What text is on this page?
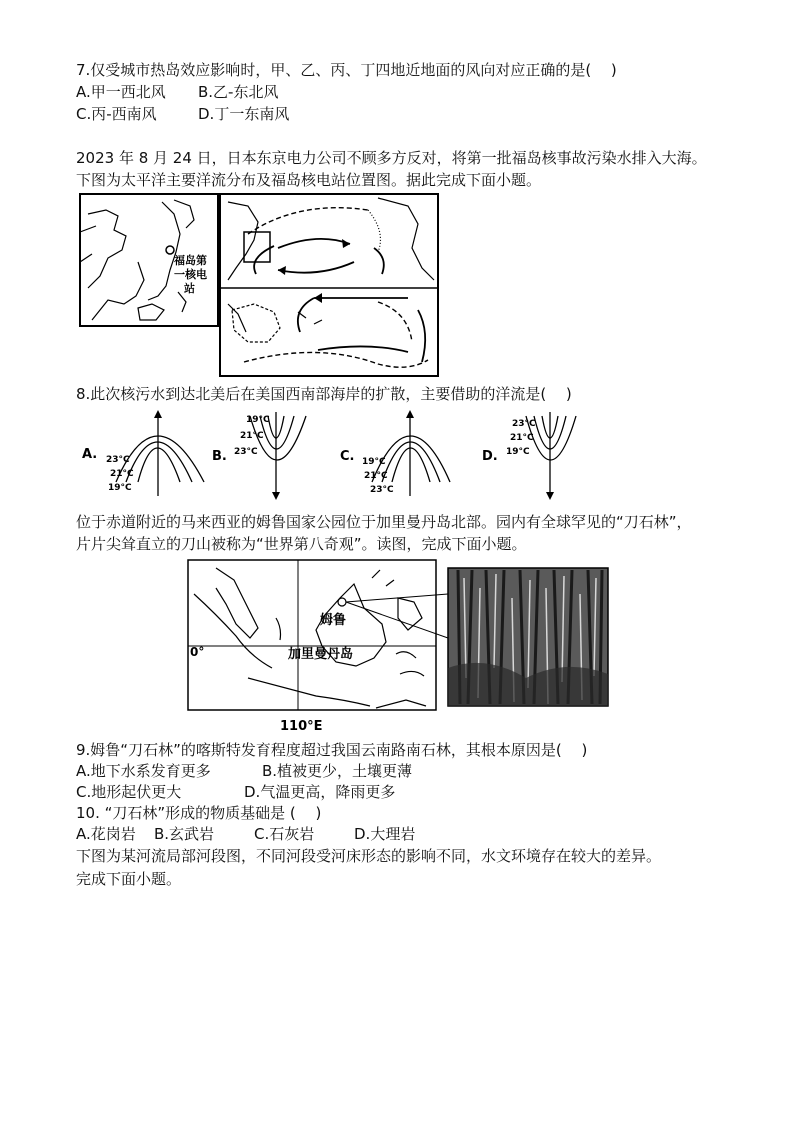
7.仅受城市热岛效应影响时，甲、乙、丙、丁四地近地面的风向对应正确的是(　 )
A.甲一西北风 B.乙-东北风
C.丙-西南风	D.丁一东南风
2023 年 8 月 24 日，日本东京电力公司不顾多方反对，将第一批福岛核事故污染水排入大海。
下图为太平洋主要洋流分布及福岛核电站位置图。据此完成下面小题。
福岛第
一核电
站
8.此次核污水到达北美后在美国西南部海岸的扩散，主要借助的洋流是(　 )
A. 23°C
21°C
19°C
B.
19°C
21°C
23°C	C. 19°C
21°C
23°C
D.
23°C
21°C
19°C
位于赤道附近的马来西亚的姆鲁国家公园位于加里曼丹岛北部。园内有全球罕见的“刀石林”，
片片尖耸直立的刀山被称为“世界第八奇观”。读图，完成下面小题。
姆鲁
加里曼丹岛
0°
110°E
9.姆鲁“刀石林”的喀斯特发育程度超过我国云南路南石林，其根本原因是(　 )
A.地下水系发育更多	B.植被更少，土壤更薄
C.地形起伏更大	D.气温更高，降雨更多
10. “刀石林”形成的物质基础是 (　 )
A.花岗岩 B.玄武岩	C.石灰岩	D.大理岩
下图为某河流局部河段图，不同河段受河床形态的影响不同，水文环境存在较大的差异。
完成下面小题。
